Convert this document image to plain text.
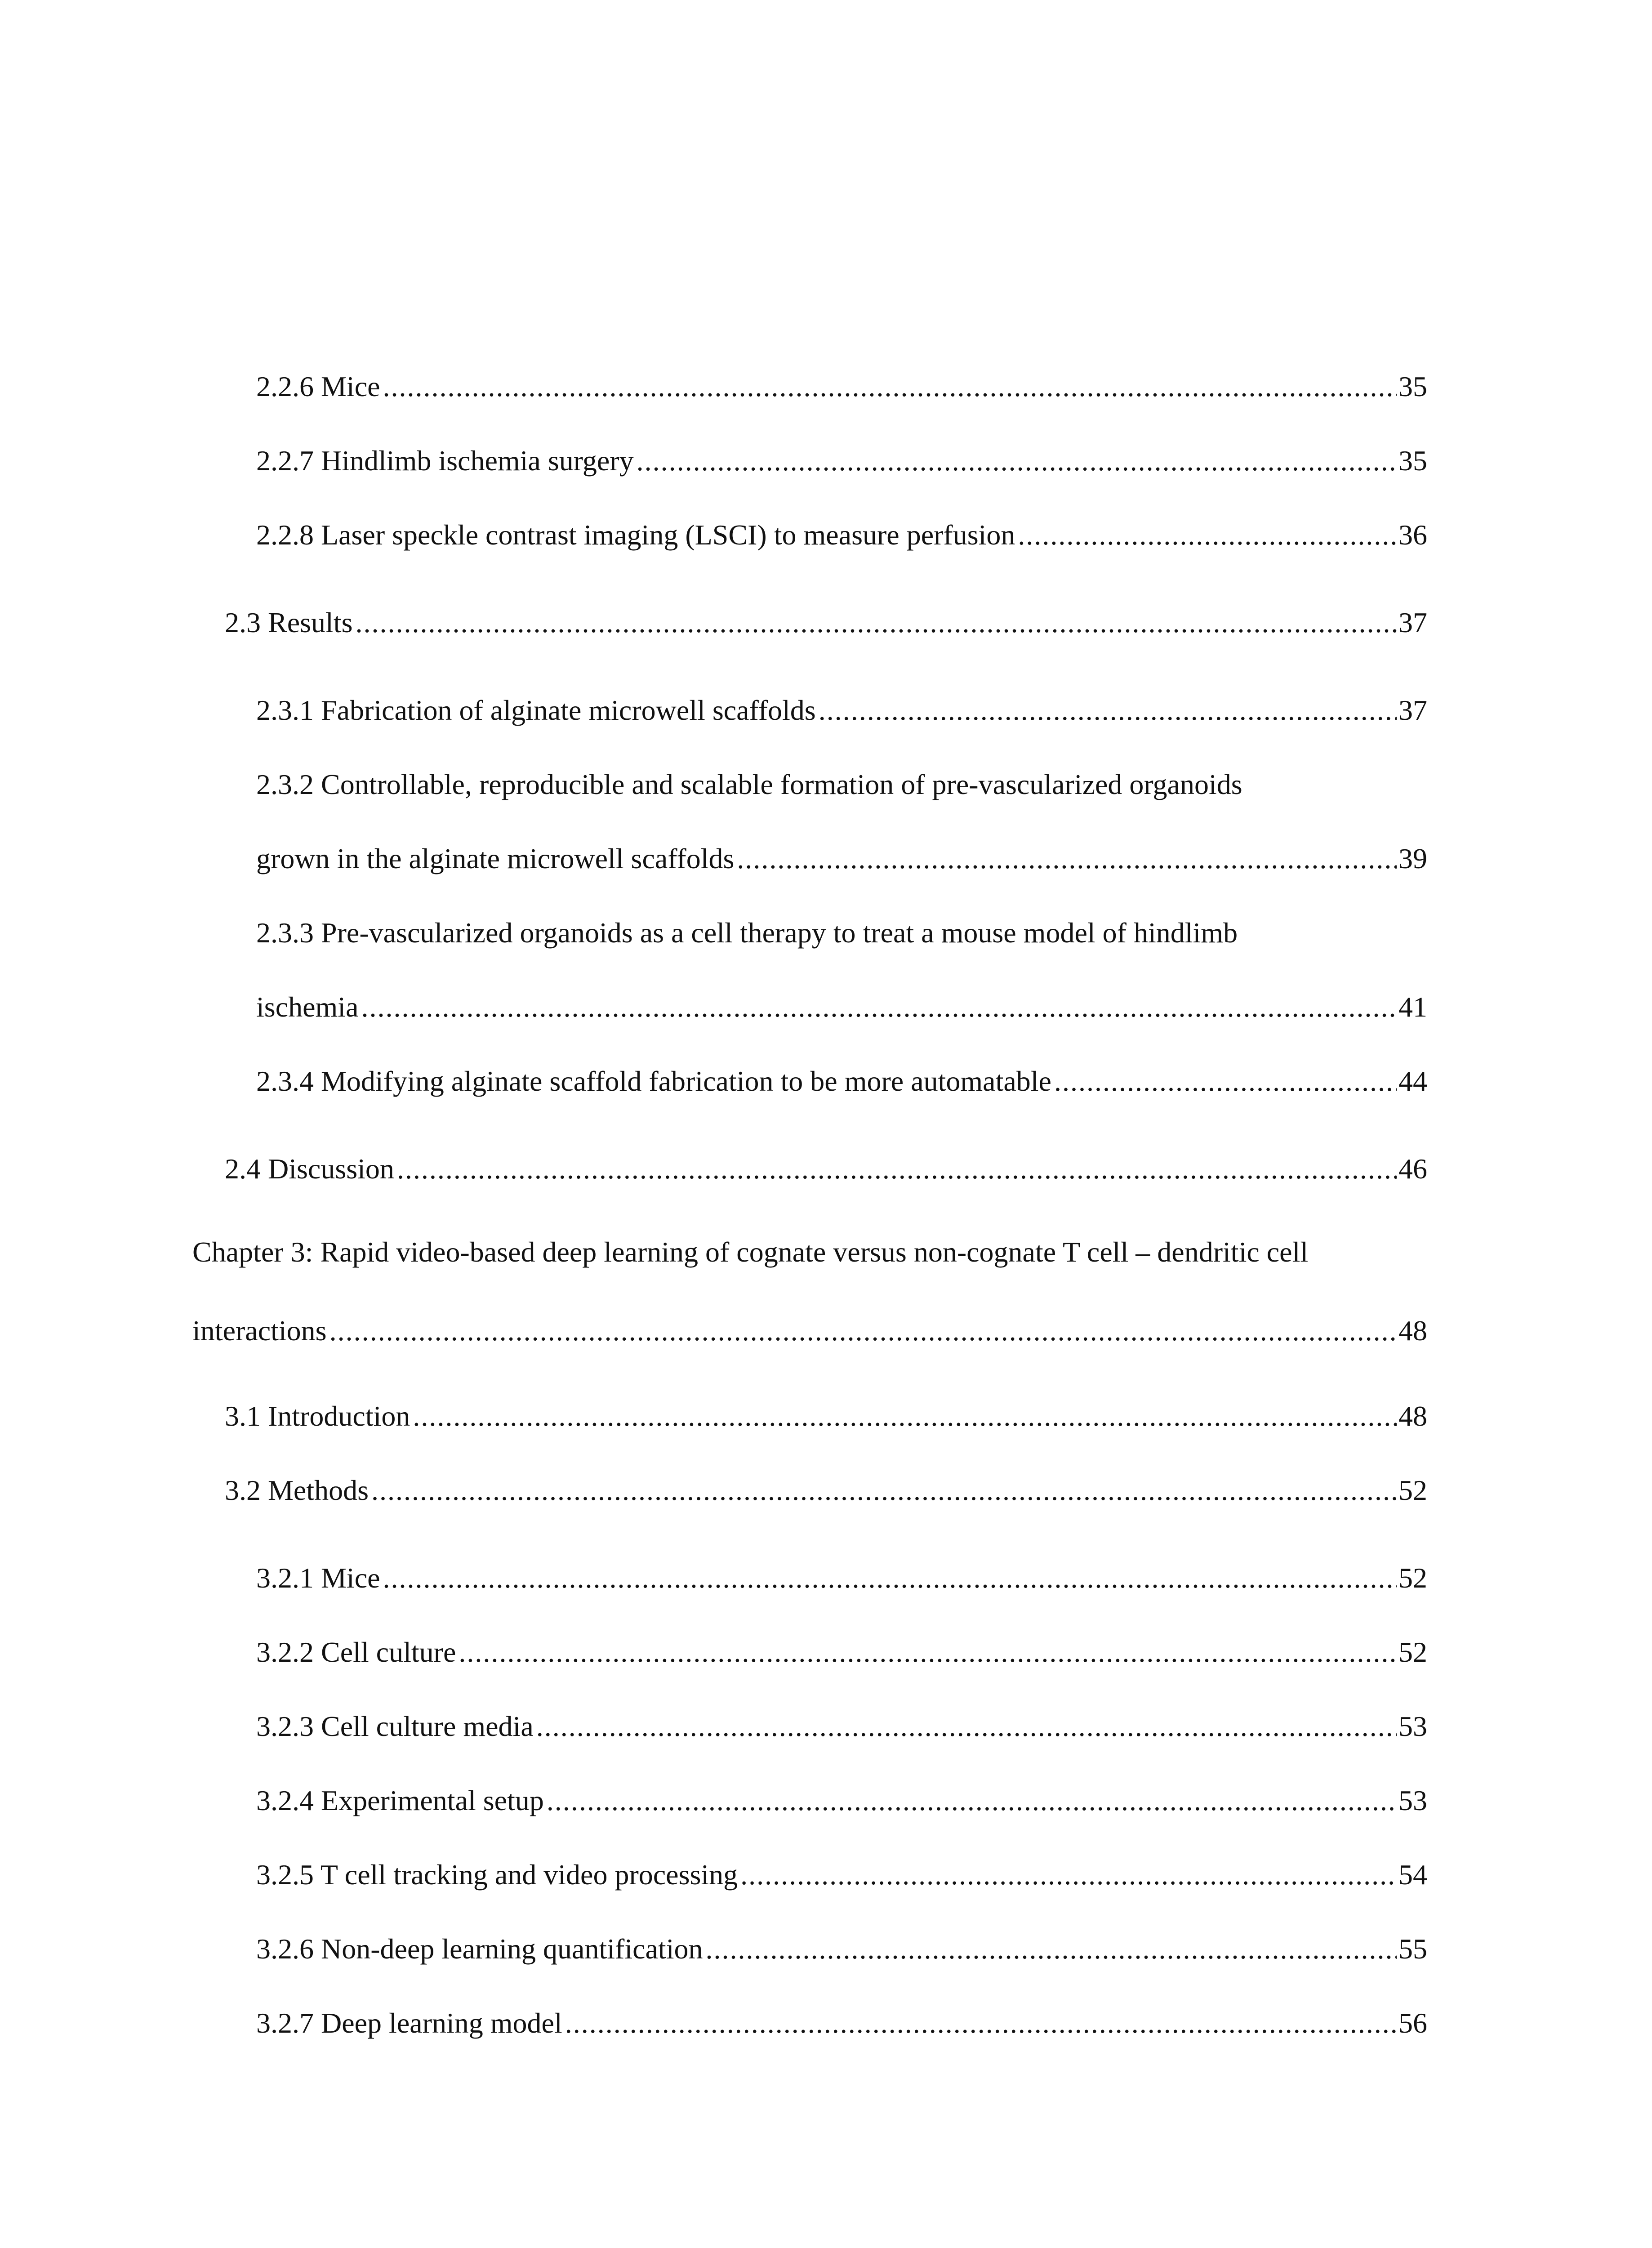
2.2.6 Mice .....	35
2.2.7 Hindlimb ischemia surgery .....	35
2.2.8 Laser speckle contrast imaging (LSCI) to measure perfusion .....	36
2.3 Results .....	37
2.3.1 Fabrication of alginate microwell scaffolds .....	37
2.3.2 Controllable, reproducible and scalable formation of pre-vascularized organoids
grown in the alginate microwell scaffolds .....	39
2.3.3 Pre-vascularized organoids as a cell therapy to treat a mouse model of hindlimb
ischemia .....	41
2.3.4 Modifying alginate scaffold fabrication to be more automatable .....	44
2.4 Discussion .....	46
Chapter 3: Rapid video-based deep learning of cognate versus non-cognate T cell – dendritic cell
interactions .....	48
3.1 Introduction .....	48
3.2 Methods .....	52
3.2.1 Mice .....	52
3.2.2 Cell culture .....	52
3.2.3 Cell culture media .....	53
3.2.4 Experimental setup .....	53
3.2.5 T cell tracking and video processing .....	54
3.2.6 Non-deep learning quantification .....	55
3.2.7 Deep learning model .....	56
